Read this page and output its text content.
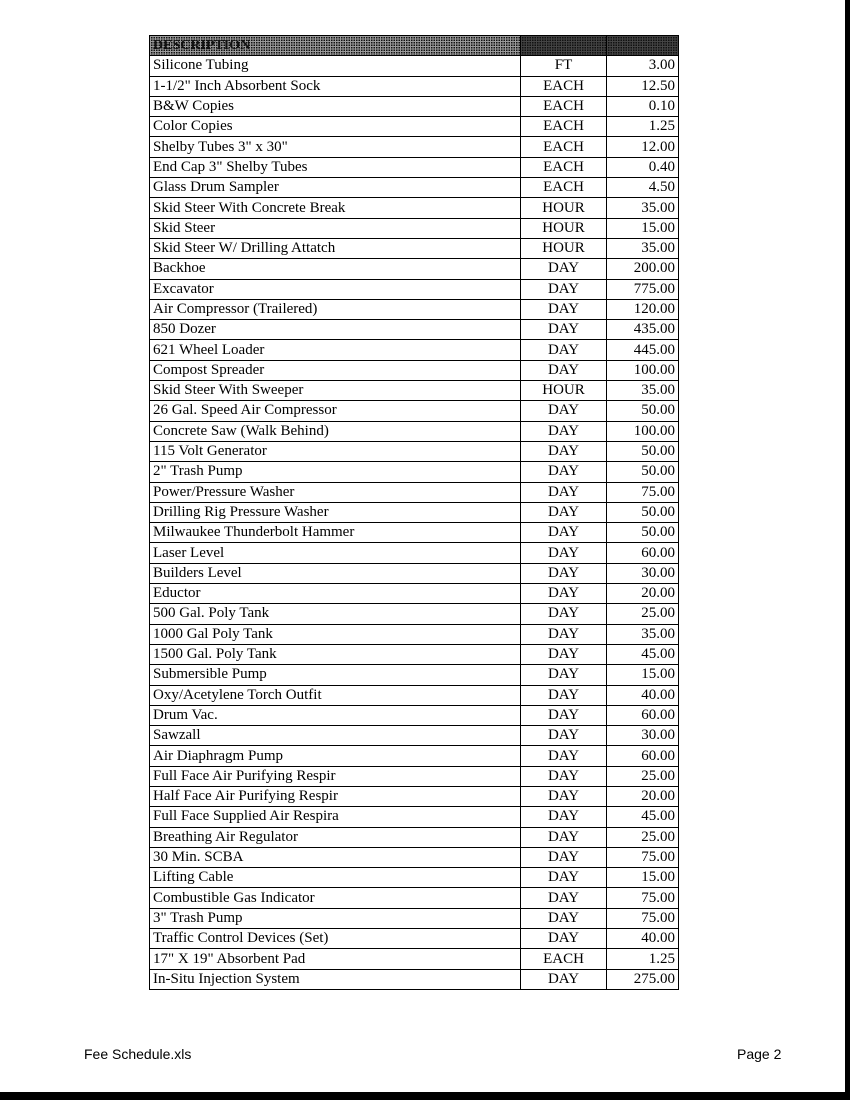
DESCRIPTION		
Silicone Tubing	FT	3.00
1-1/2" Inch Absorbent Sock	EACH	12.50
B&W Copies	EACH	0.10
Color Copies	EACH	1.25
Shelby Tubes 3" x 30"	EACH	12.00
End Cap 3" Shelby Tubes	EACH	0.40
Glass Drum Sampler	EACH	4.50
Skid Steer With Concrete Break	HOUR	35.00
Skid Steer	HOUR	15.00
Skid Steer W/ Drilling Attatch	HOUR	35.00
Backhoe	DAY	200.00
Excavator	DAY	775.00
Air Compressor (Trailered)	DAY	120.00
850 Dozer	DAY	435.00
621 Wheel Loader	DAY	445.00
Compost Spreader	DAY	100.00
Skid Steer With Sweeper	HOUR	35.00
26 Gal. Speed Air Compressor	DAY	50.00
Concrete Saw (Walk Behind)	DAY	100.00
115 Volt Generator	DAY	50.00
2" Trash Pump	DAY	50.00
Power/Pressure Washer	DAY	75.00
Drilling Rig Pressure Washer	DAY	50.00
Milwaukee Thunderbolt Hammer	DAY	50.00
Laser Level	DAY	60.00
Builders Level	DAY	30.00
Eductor	DAY	20.00
500 Gal. Poly Tank	DAY	25.00
1000 Gal Poly Tank	DAY	35.00
1500 Gal. Poly Tank	DAY	45.00
Submersible Pump	DAY	15.00
Oxy/Acetylene Torch Outfit	DAY	40.00
Drum Vac.	DAY	60.00
Sawzall	DAY	30.00
Air Diaphragm Pump	DAY	60.00
Full Face Air Purifying Respir	DAY	25.00
Half Face Air Purifying Respir	DAY	20.00
Full Face Supplied Air Respira	DAY	45.00
Breathing Air Regulator	DAY	25.00
30 Min. SCBA	DAY	75.00
Lifting Cable	DAY	15.00
Combustible Gas Indicator	DAY	75.00
3" Trash Pump	DAY	75.00
Traffic Control Devices (Set)	DAY	40.00
17" X 19" Absorbent Pad	EACH	1.25
In-Situ Injection System	DAY	275.00
Fee Schedule.xls	Page 2
